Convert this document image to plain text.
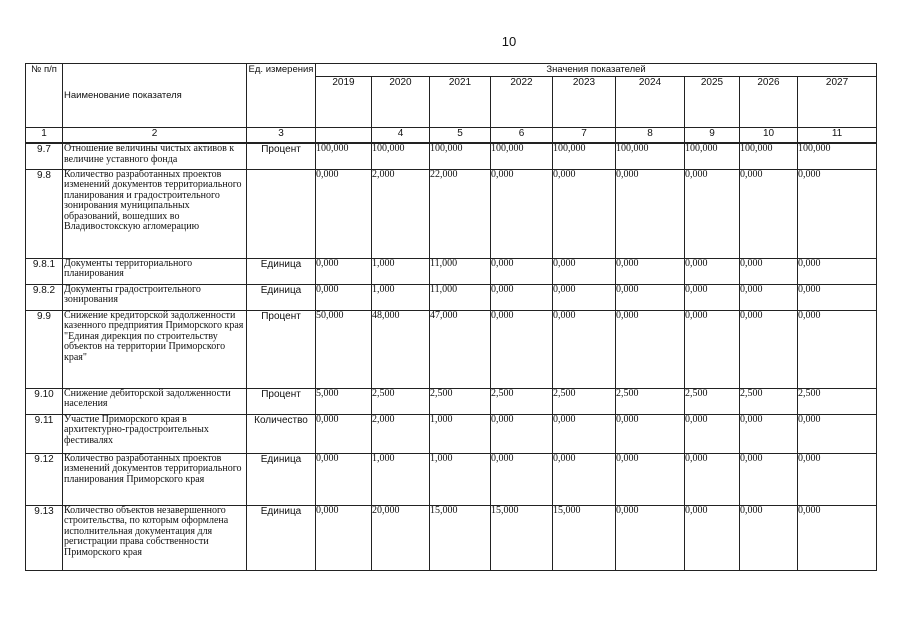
10
№ п/п	Наименование показателя	Ед. измерения	Значения показателей								
			2019	2020	2021	2022	2023	2024	2025	2026	2027
1	2	3		4	5	6	7	8	9	10	11
9.7	Отношение величины чистых активов к величине уставного фонда	Процент	100,000	100,000	100,000	100,000	100,000	100,000	100,000	100,000	100,000
9.8	Количество разработанных проектов изменений документов территориального планирования и градостроительного зонирования муниципальных образований, вошедших во Владивостокскую агломерацию		0,000	2,000	22,000	0,000	0,000	0,000	0,000	0,000	0,000
9.8.1	Документы территориального планирования	Единица	0,000	1,000	11,000	0,000	0,000	0,000	0,000	0,000	0,000
9.8.2	Документы градостроительного зонирования	Единица	0,000	1,000	11,000	0,000	0,000	0,000	0,000	0,000	0,000
9.9	Снижение кредиторской задолженности казенного предприятия Приморского края "Единая дирекция по строительству объектов на территории Приморского края"	Процент	50,000	48,000	47,000	0,000	0,000	0,000	0,000	0,000	0,000
9.10	Снижение дебиторской задолженности населения	Процент	5,000	2,500	2,500	2,500	2,500	2,500	2,500	2,500	2,500
9.11	Участие Приморского края в архитектурно-градостроительных фестивалях	Количество	0,000	2,000	1,000	0,000	0,000	0,000	0,000	0,000	0,000
9.12	Количество разработанных проектов изменений документов территориального планирования Приморского края	Единица	0,000	1,000	1,000	0,000	0,000	0,000	0,000	0,000	0,000
9.13	Количество объектов незавершенного строительства, по которым оформлена исполнительная документация для регистрации права собственности Приморского края	Единица	0,000	20,000	15,000	15,000	15,000	0,000	0,000	0,000	0,000
